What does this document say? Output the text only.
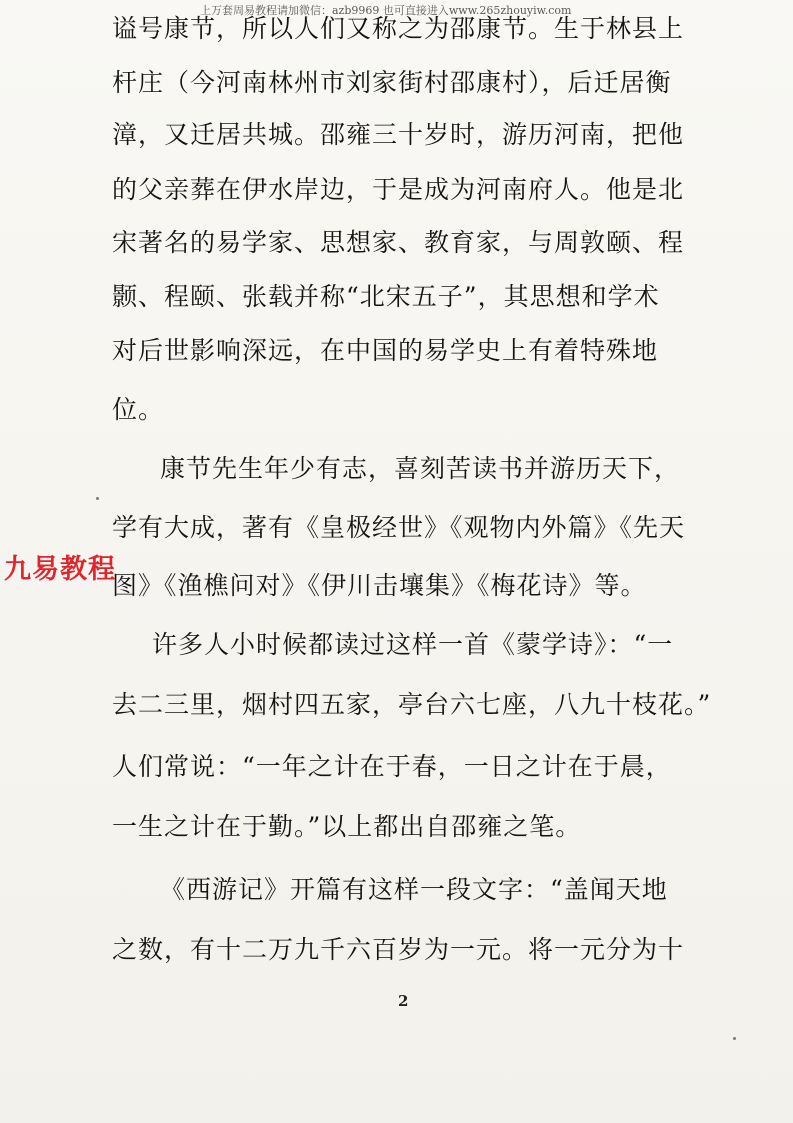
上万套周易教程请加微信：azb9969 也可直接进入www.265zhouyiw.com
谥号康节，所以人们又称之为邵康节。生于林县上
杆庄（今河南林州市刘家街村邵康村），后迁居衡
漳，又迁居共城。邵雍三十岁时，游历河南，把他
的父亲葬在伊水岸边，于是成为河南府人。他是北
宋著名的易学家、思想家、教育家，与周敦颐、程
颢、程颐、张载并称“北宋五子”，其思想和学术
对后世影响深远，在中国的易学史上有着特殊地
位。
康节先生年少有志，喜刻苦读书并游历天下，
学有大成，著有《皇极经世》《观物内外篇》《先天
图》《渔樵问对》《伊川击壤集》《梅花诗》等。
许多人小时候都读过这样一首《蒙学诗》：“一
去二三里，烟村四五家，亭台六七座，八九十枝花。”
人们常说：“一年之计在于春，一日之计在于晨，
一生之计在于勤。”以上都出自邵雍之笔。
《西游记》开篇有这样一段文字：“盖闻天地
之数，有十二万九千六百岁为一元。将一元分为十
九易教程
2
